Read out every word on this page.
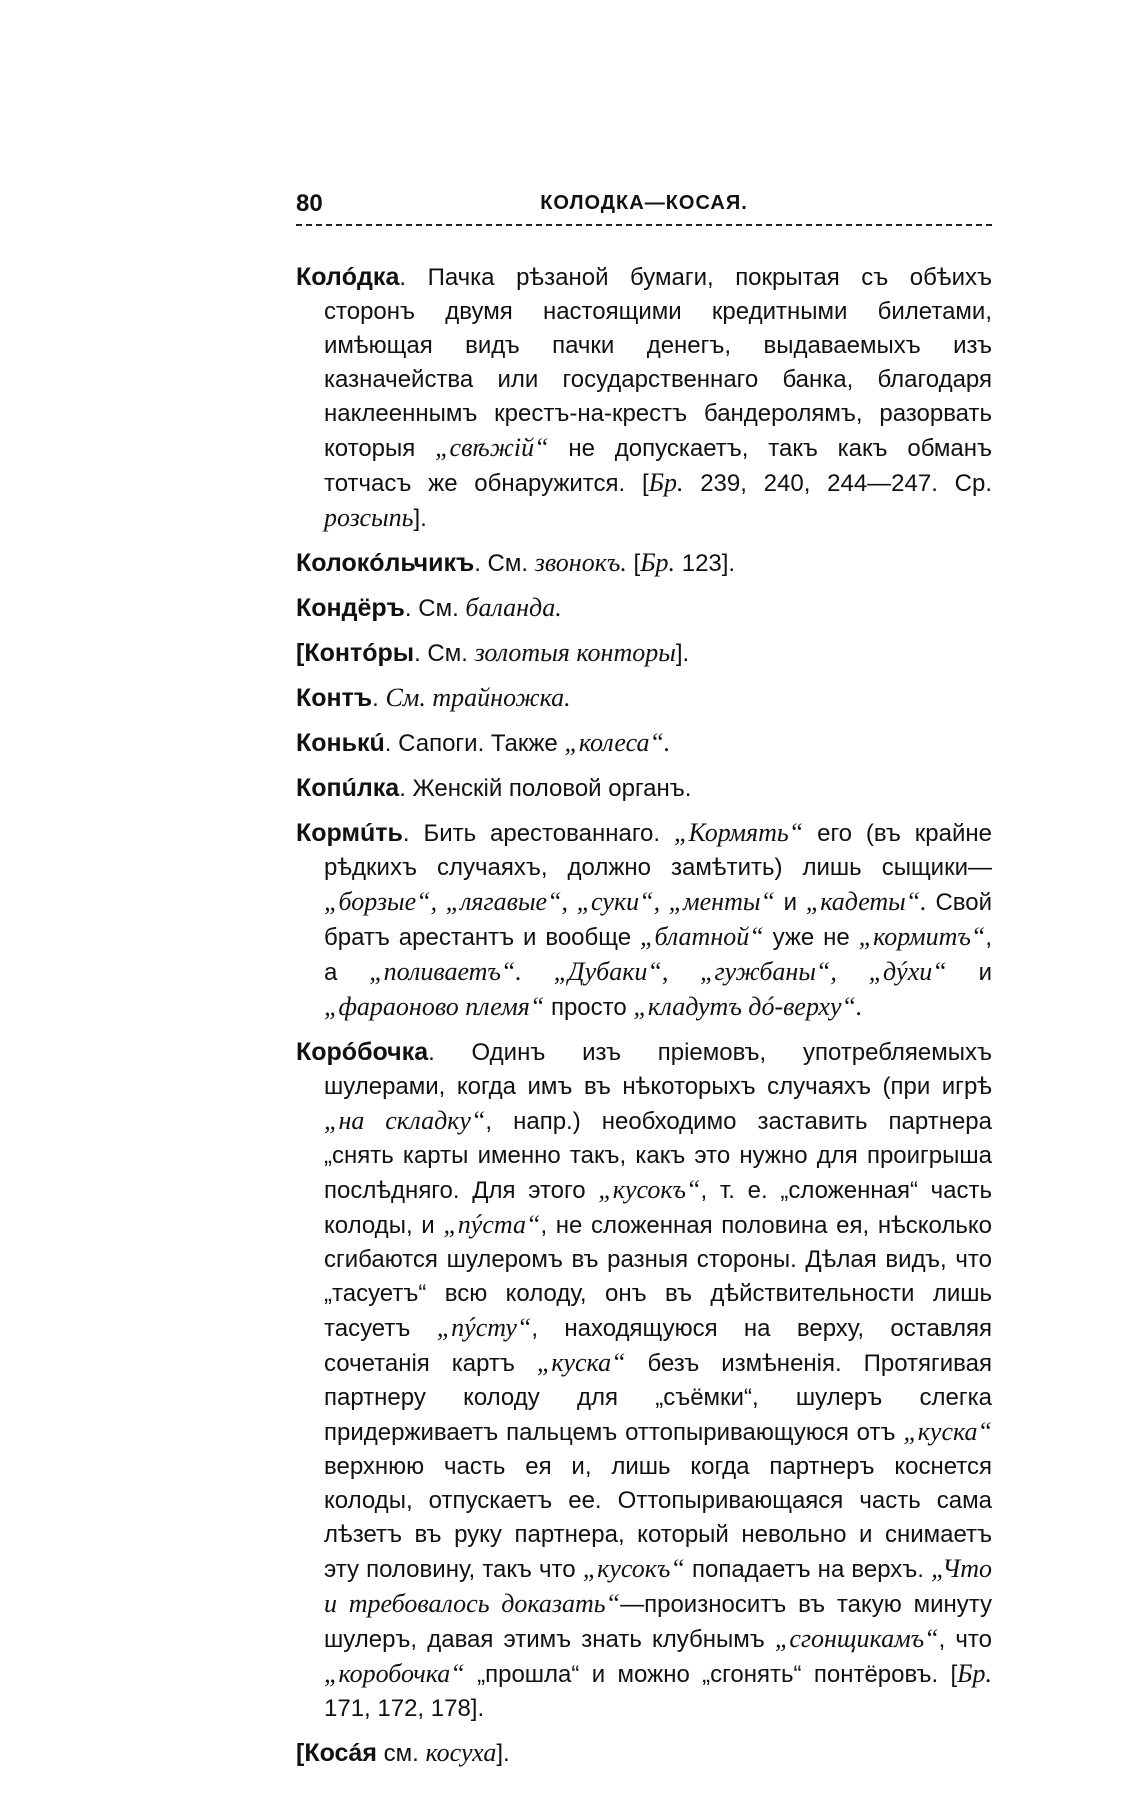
80	КОЛОДКА—КОСАЯ.

Колóдка. Пачка рѣзаной бумаги, покрытая съ обѣихъ сторонъ двумя настоящими кредитными билетами, имѣющая видъ пачки денегъ, выдаваемыхъ изъ казначейства или государственнаго банка, благодаря наклееннымъ крестъ-на-крестъ бандеролямъ, разорвать которыя „свѣжiй“ не допускаетъ, такъ какъ обманъ тотчасъ же обнаружится. [Бр. 239, 240, 244—247. Ср. розсыпь].

Колокóльчикъ. См. звонокъ. [Бр. 123].

Кондёръ. См. баланда.

[Контóры. См. золотыя конторы].

Контъ. См. трайножка.

Конькú. Сапоги. Также „колеса“.

Копúлка. Женскiй половой органъ.

Кормúть. Бить арестованнаго. „Кормять“ его (въ крайне рѣдкихъ случаяхъ, должно замѣтить) лишь сыщики—„борзые“, „лягавые“, „суки“, „менты“ и „кадеты“. Свой братъ арестантъ и вообще „блатной“ уже не „кормитъ“, а „поливаетъ“. „Дубаки“, „гужбаны“, „дýхи“ и „фараоново племя“ просто „кладутъ дó-верху“.

Корóбочка. Одинъ изъ прiемовъ, употребляемыхъ шулерами, когда имъ въ нѣкоторыхъ случаяхъ (при игрѣ „на складку“, напр.) необходимо заставить партнера „снять карты именно такъ, какъ это нужно для проигрыша послѣдняго. Для этого „кусокъ“, т. е. „сложенная“ часть колоды, и „пýста“, не сложенная половина ея, нѣсколько сгибаются шулеромъ въ разныя стороны. Дѣлая видъ, что „тасуетъ“ всю колоду, онъ въ дѣйствительности лишь тасуетъ „пýсту“, находящуюся на верху, оставляя сочетанiя картъ „куска“ безъ измѣненiя. Протягивая партнеру колоду для „съёмки“, шулеръ слегка придерживаетъ пальцемъ оттопыривающуюся отъ „куска“ верхнюю часть ея и, лишь когда партнеръ коснется колоды, отпускаетъ ее. Оттопыривающаяся часть сама лѣзетъ въ руку партнера, который невольно и снимаетъ эту половину, такъ что „кусокъ“ попадаетъ на верхъ. „Что и требовалось доказать“—произноситъ въ такую минуту шулеръ, давая этимъ знать клубнымъ „сгонщикамъ“, что „коробочка“ „прошла“ и можно „сгонять“ понтёровъ. [Бр. 171, 172, 178].

[Косáя см. косуха].
